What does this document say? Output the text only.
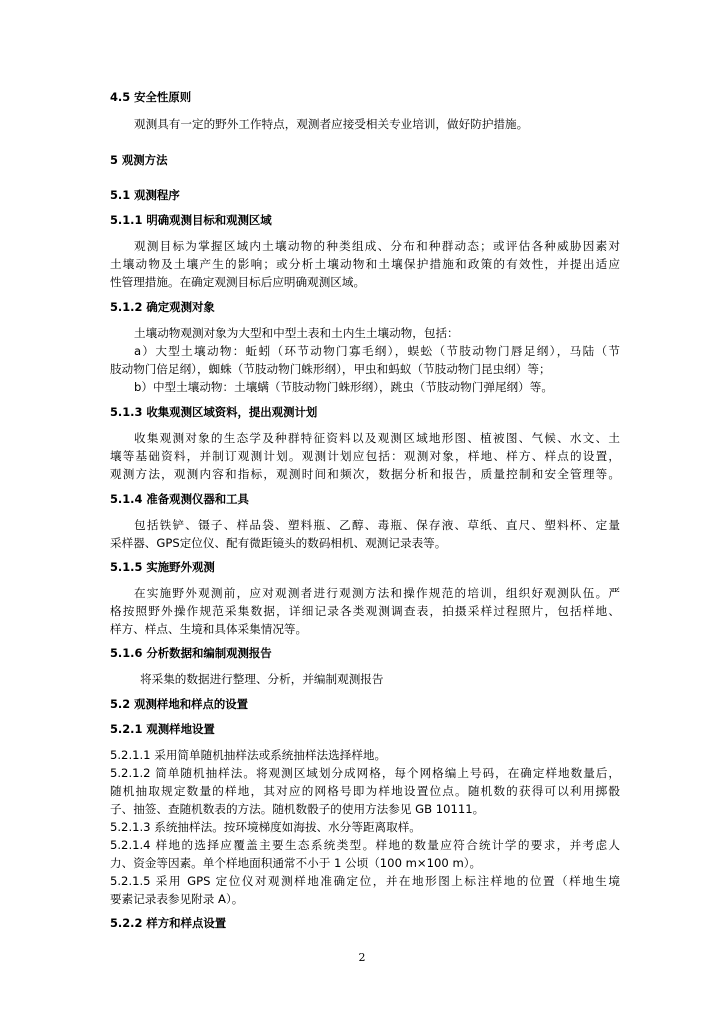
4.5 安全性原则
观测具有一定的野外工作特点，观测者应接受相关专业培训，做好防护措施。
5 观测方法
5.1 观测程序
5.1.1 明确观测目标和观测区域
观测目标为掌握区域内土壤动物的种类组成、分布和种群动态；或评估各种威胁因素对
土壤动物及土壤产生的影响；或分析土壤动物和土壤保护措施和政策的有效性，并提出适应
性管理措施。在确定观测目标后应明确观测区域。
5.1.2 确定观测对象
土壤动物观测对象为大型和中型土表和土内生土壤动物，包括：
a）大型土壤动物：蚯蚓（环节动物门寡毛纲），蜈蚣（节肢动物门唇足纲），马陆（节
肢动物门倍足纲），蜘蛛（节肢动物门蛛形纲），甲虫和蚂蚁（节肢动物门昆虫纲）等；
b）中型土壤动物：土壤螨（节肢动物门蛛形纲），跳虫（节肢动物门弹尾纲）等。
5.1.3 收集观测区域资料，提出观测计划
收集观测对象的生态学及种群特征资料以及观测区域地形图、植被图、气候、水文、土
壤等基础资料，并制订观测计划。观测计划应包括：观测对象，样地、样方、样点的设置，
观测方法，观测内容和指标，观测时间和频次，数据分析和报告，质量控制和安全管理等。
5.1.4 准备观测仪器和工具
包括铁铲、镊子、样品袋、塑料瓶、乙醇、毒瓶、保存液、草纸、直尺、塑料杯、定量
采样器、GPS定位仪、配有微距镜头的数码相机、观测记录表等。
5.1.5 实施野外观测
在实施野外观测前，应对观测者进行观测方法和操作规范的培训，组织好观测队伍。严
格按照野外操作规范采集数据，详细记录各类观测调查表，拍摄采样过程照片，包括样地、
样方、样点、生境和具体采集情况等。
5.1.6 分析数据和编制观测报告
将采集的数据进行整理、分析，并编制观测报告
5.2 观测样地和样点的设置
5.2.1 观测样地设置
5.2.1.1 采用简单随机抽样法或系统抽样法选择样地。
5.2.1.2 简单随机抽样法。将观测区域划分成网格，每个网格编上号码，在确定样地数量后，
随机抽取规定数量的样地，其对应的网格号即为样地设置位点。随机数的获得可以利用掷骰
子、抽签、查随机数表的方法。随机数骰子的使用方法参见 GB 10111。
5.2.1.3 系统抽样法。按环境梯度如海拔、水分等距离取样。
5.2.1.4 样地的选择应覆盖主要生态系统类型。样地的数量应符合统计学的要求，并考虑人
力、资金等因素。单个样地面积通常不小于 1 公顷（100 m×100 m）。
5.2.1.5 采用 GPS 定位仪对观测样地准确定位，并在地形图上标注样地的位置（样地生境
要素记录表参见附录 A）。
5.2.2 样方和样点设置
2
